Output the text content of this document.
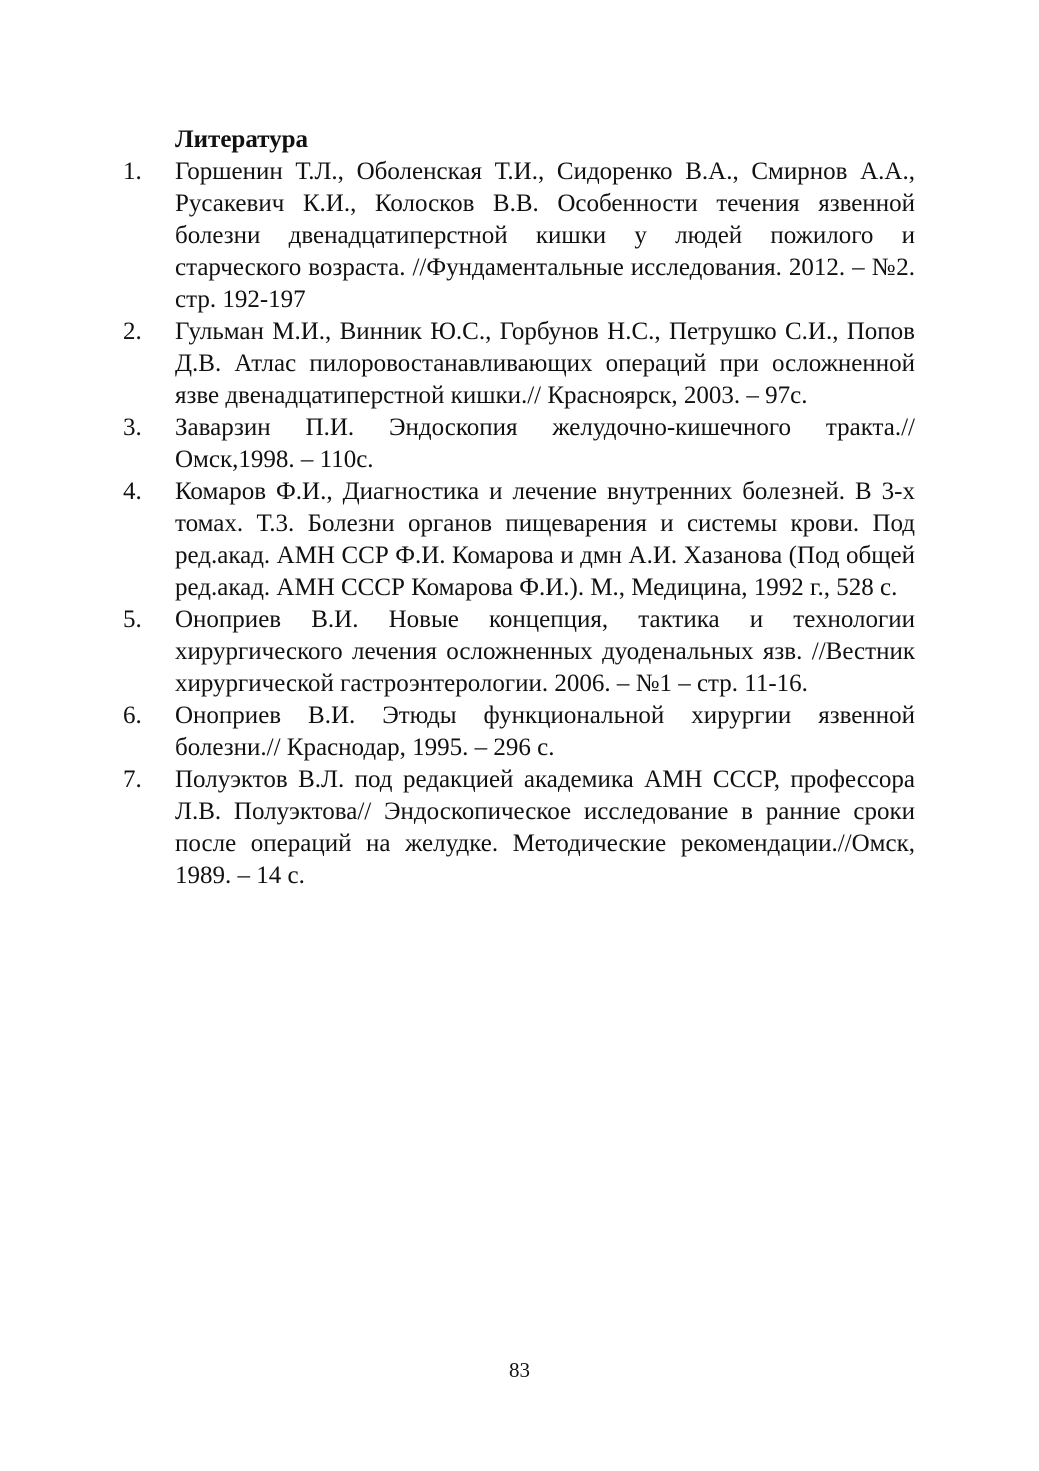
Литература
1.	Горшенин Т.Л., Оболенская Т.И., Сидоренко В.А., Смирнов А.А., Русакевич К.И., Колосков В.В. Особенности течения язвенной болезни двенадцатиперстной кишки у людей пожилого и старческого возраста. //Фундаментальные исследования. 2012. – №2. стр. 192-197
2.	Гульман М.И., Винник Ю.С., Горбунов Н.С., Петрушко С.И., Попов Д.В. Атлас пилоровостанавливающих операций при осложненной язве двенадцатиперстной кишки.// Красноярск, 2003. – 97с.
3.	Заварзин П.И. Эндоскопия желудочно-кишечного тракта.//Омск,1998. – 110с.
4.	Комаров Ф.И., Диагностика и лечение внутренних болезней. В 3-х томах. Т.3. Болезни органов пищеварения и системы крови. Под ред.акад. АМН ССР Ф.И. Комарова и дмн А.И. Хазанова (Под общей ред.акад. АМН СССР Комарова Ф.И.). М., Медицина, 1992 г., 528 с.
5.	Оноприев В.И. Новые концепция, тактика и технологии хирургического лечения осложненных дуоденальных язв. //Вестник хирургической гастроэнтерологии. 2006. – №1 – стр. 11-16.
6.	Оноприев В.И. Этюды функциональной хирургии язвенной болезни.// Краснодар, 1995. – 296 с.
7.	Полуэктов В.Л. под редакцией академика АМН СССР, профессора Л.В. Полуэктова// Эндоскопическое исследование в ранние сроки после операций на желудке. Методические рекомендации.//Омск, 1989. – 14 с.
83
